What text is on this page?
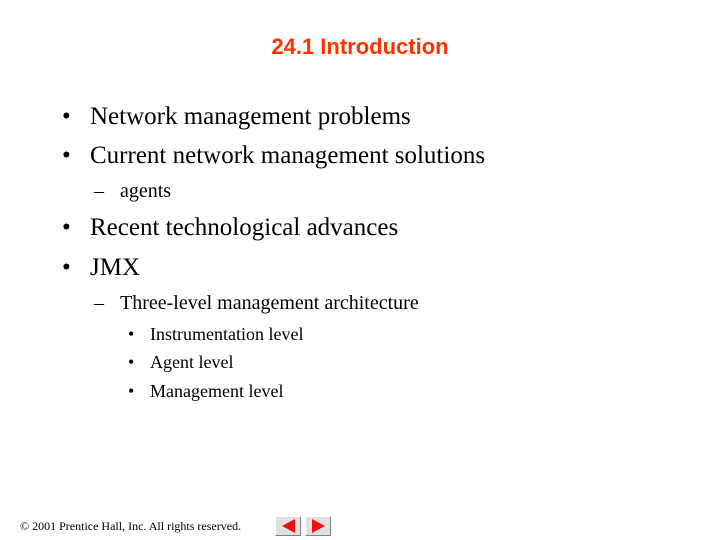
24.1 Introduction
• Network management problems
• Current network management solutions
– agents
• Recent technological advances
• JMX
– Three-level management architecture
• Instrumentation level
• Agent level
• Management level
© 2001 Prentice Hall, Inc. All rights reserved.
